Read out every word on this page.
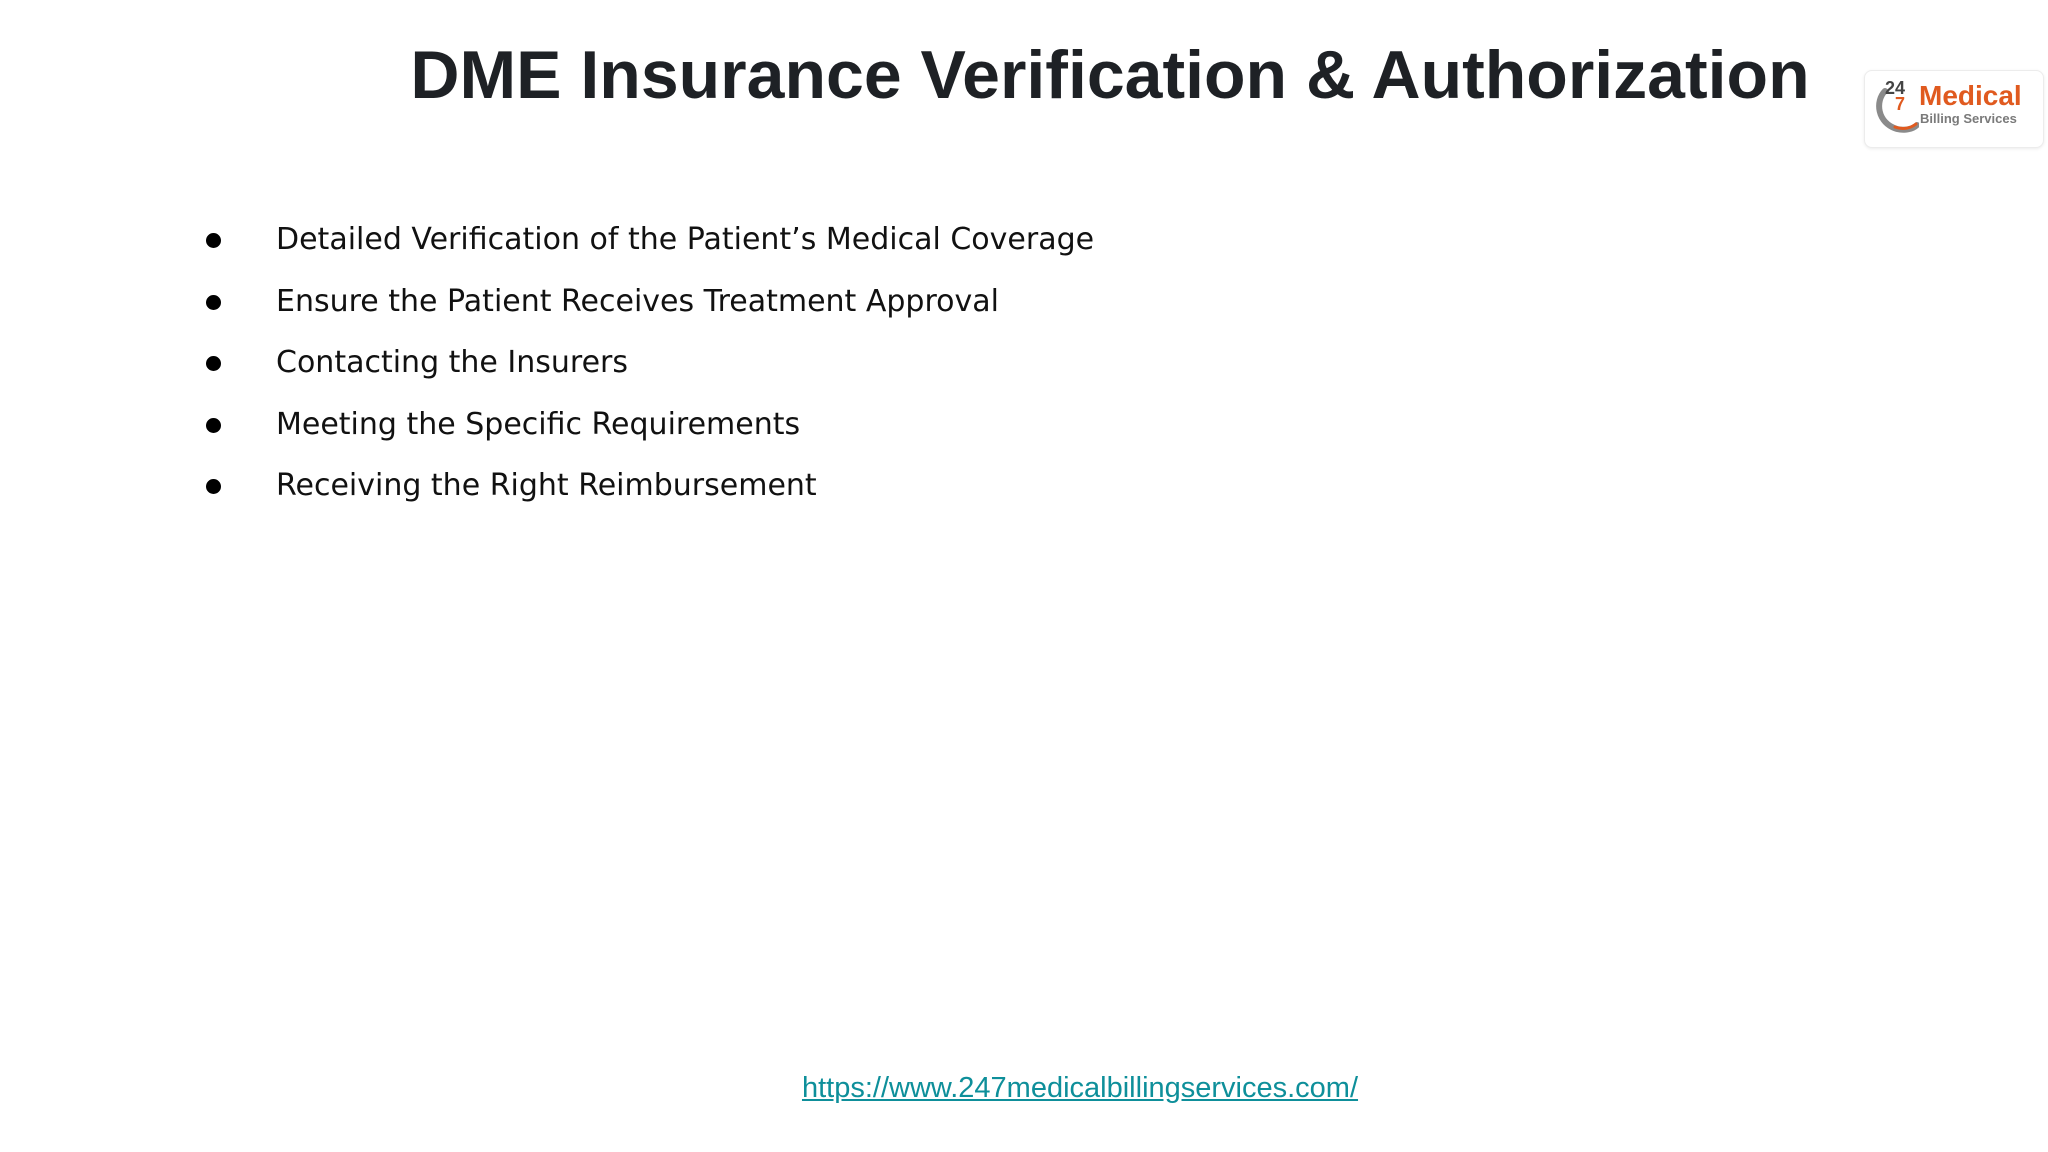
DME Insurance Verification & Authorization	24
7 Medical
Billing Services
Detailed Verification of the Patient’s Medical Coverage
Ensure the Patient Receives Treatment Approval
Contacting the Insurers
Meeting the Specific Requirements
Receiving the Right Reimbursement
https://www.247medicalbillingservices.com/
